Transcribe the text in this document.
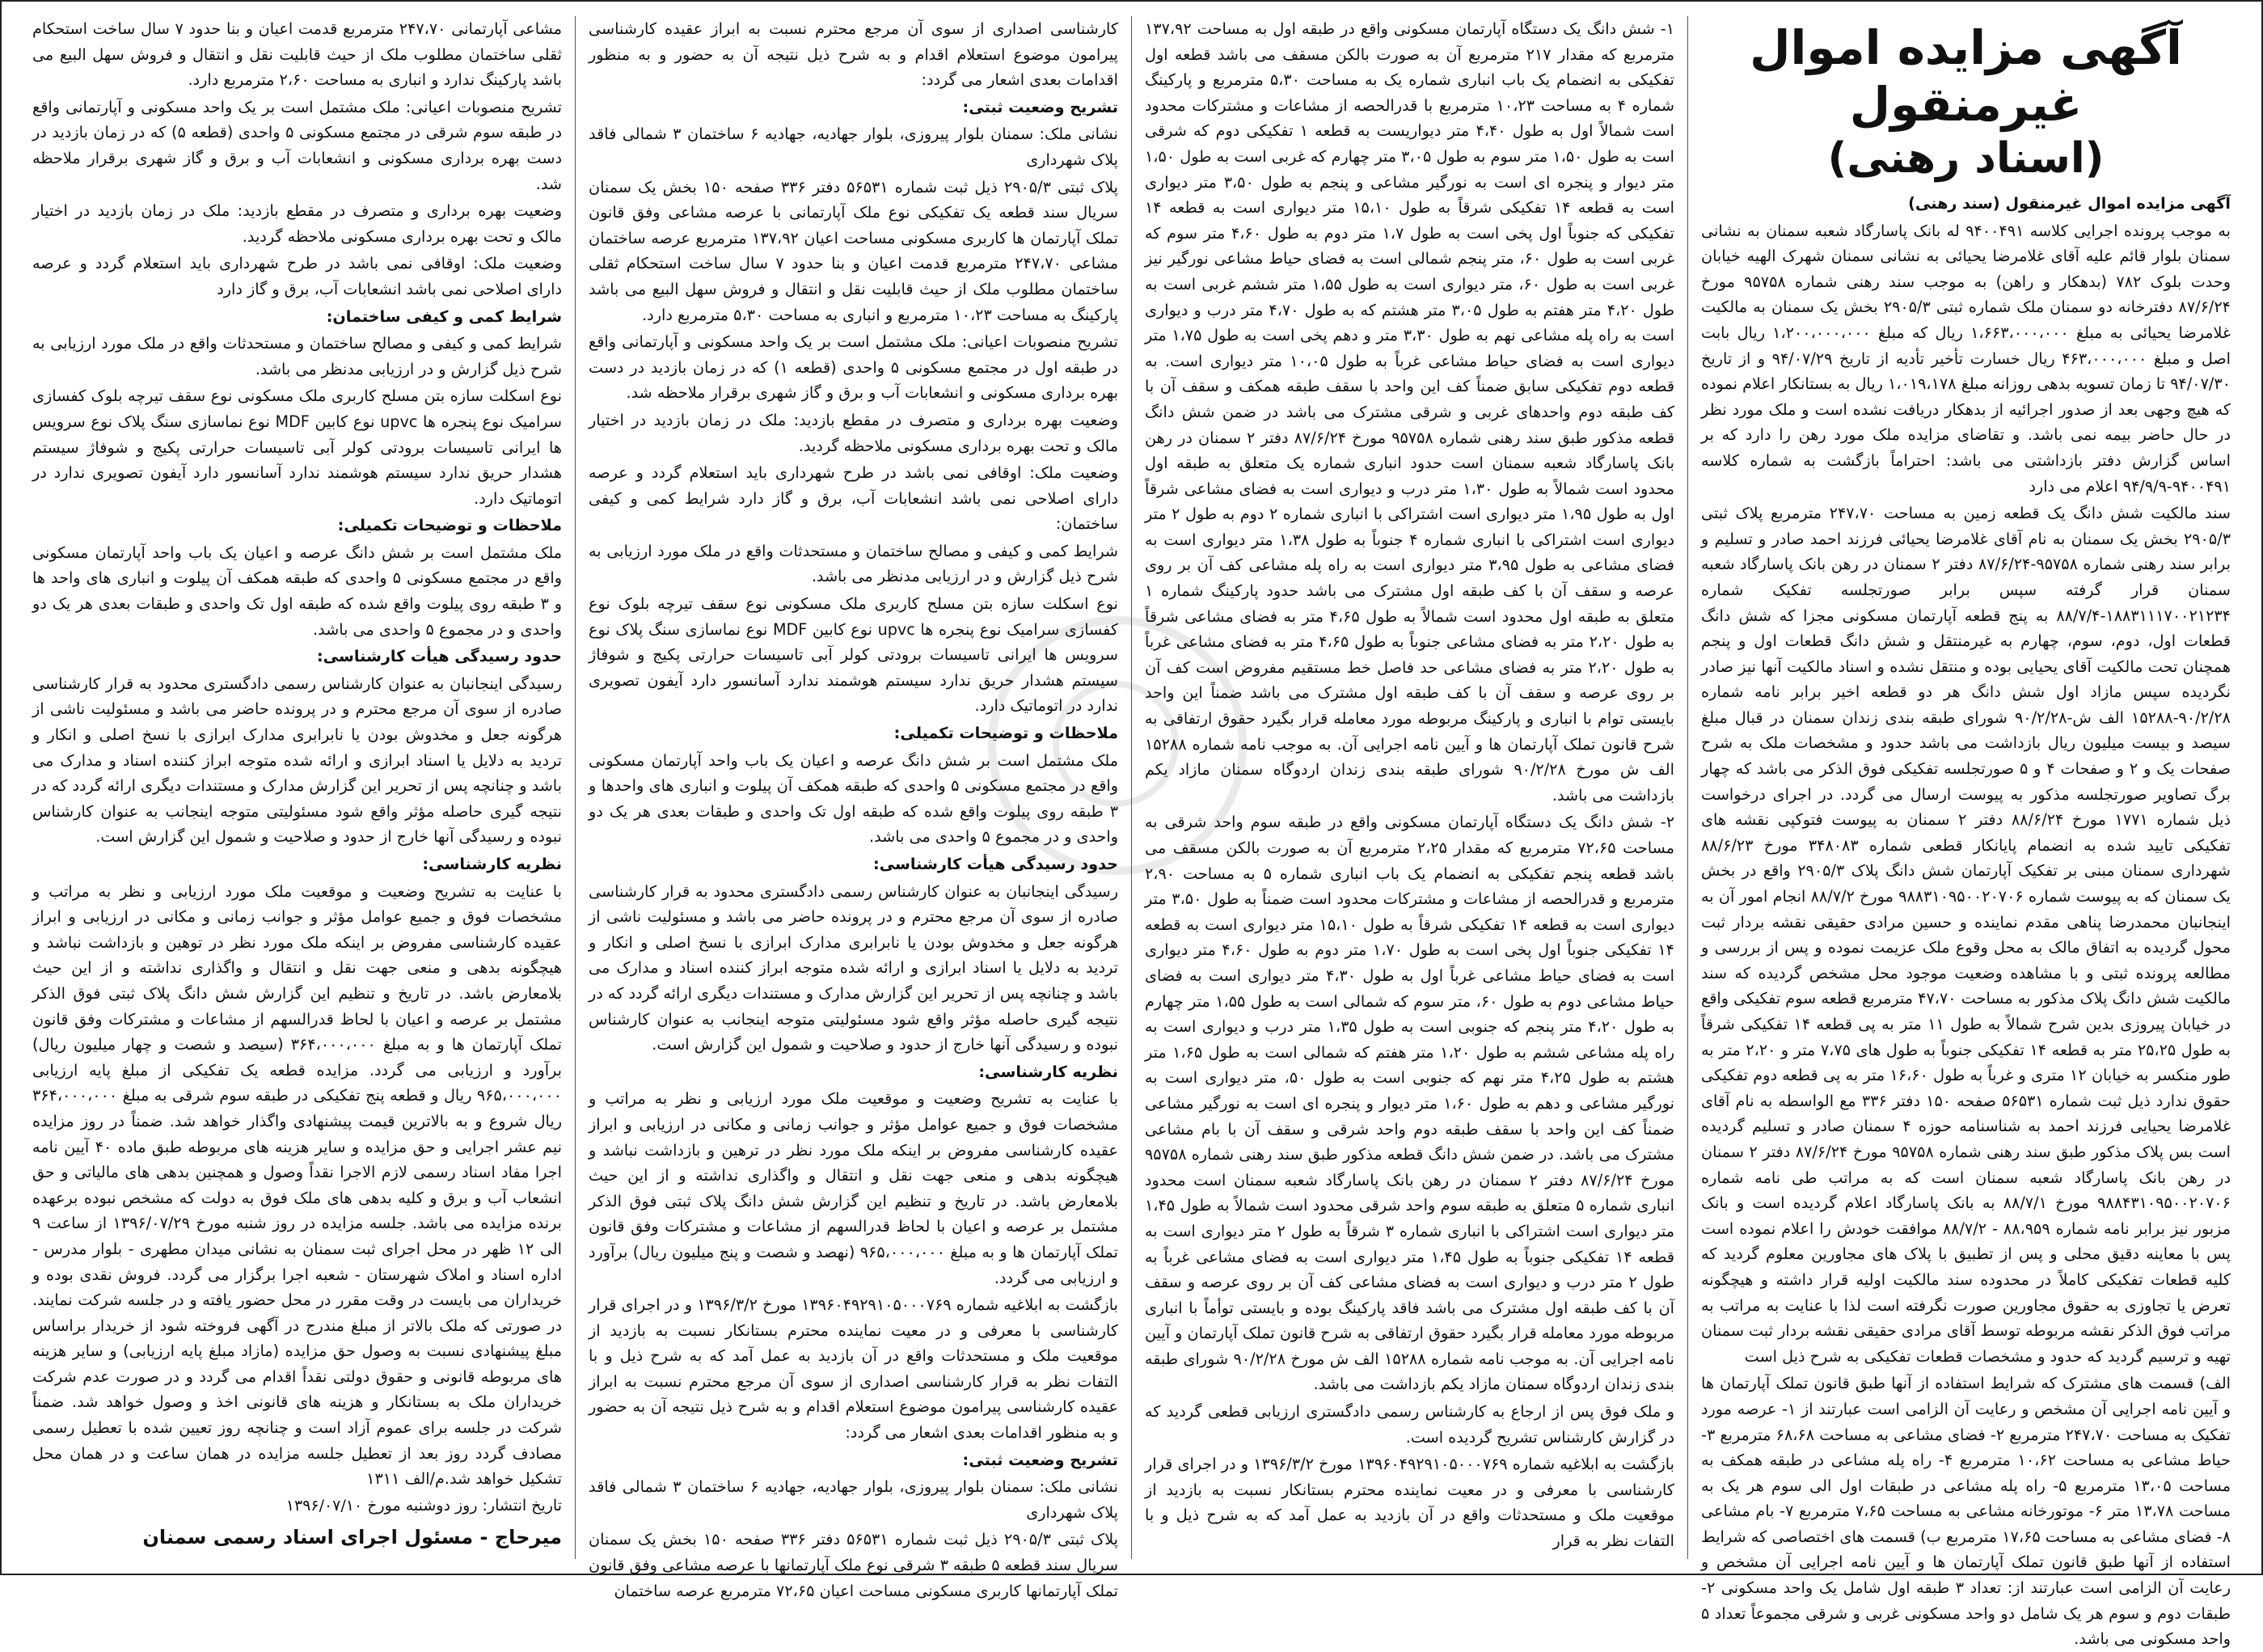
آگهی مزایده اموال غیرمنقول
(اسناد رهنی)

آگهی مزایده اموال غیرمنقول (سند رهنی)

به موجب پرونده اجرایی کلاسه ۹۴۰۰۴۹۱ له بانک پاسارگاد شعبه سمنان به نشانی سمنان بلوار قائم علیه آقای غلامرضا یحیائی به نشانی سمنان شهرک الهیه خیابان وحدت بلوک ۷۸۲ (بدهکار و راهن) به موجب سند رهنی شماره ۹۵۷۵۸ مورخ ۸۷/۶/۲۴ دفترخانه دو سمنان ملک شماره ثبتی ۲۹۰۵/۳ بخش یک سمنان به مالکیت غلامرضا یحیائی به مبلغ ۱،۶۶۳،۰۰۰،۰۰۰ ریال که مبلغ ۱،۲۰۰،۰۰۰،۰۰۰ ریال بابت اصل و مبلغ ۴۶۳،۰۰۰،۰۰۰ ریال خسارت تأخیر تأدیه از تاریخ ۹۴/۰۷/۲۹ و از تاریخ ۹۴/۰۷/۳۰ تا زمان تسویه بدهی روزانه مبلغ ۱،۰۱۹،۱۷۸ ریال به بستانکار اعلام نموده که هیچ وجهی بعد از صدور اجرائیه از بدهکار دریافت نشده است و ملک مورد نظر در حال حاضر بیمه نمی باشد. و تقاضای مزایده ملک مورد رهن را دارد که بر اساس گزارش دفتر بازداشتی می باشد: احتراماً بازگشت به شماره کلاسه ۹۴۰۰۴۹۱-۹۴/۹/۹ اعلام می دارد

سند مالکیت شش دانگ یک قطعه زمین به مساحت ۲۴۷،۷۰ مترمربع پلاک ثبتی ۲۹۰۵/۳ بخش یک سمنان به نام آقای غلامرضا یحیائی فرزند احمد صادر و تسلیم و برابر سند رهنی شماره ۹۵۷۵۸-۸۷/۶/۲۴ دفتر ۲ سمنان در رهن بانک پاسارگاد شعبه سمنان قرار گرفته سپس برابر صورتجلسه تفکیک شماره ۱۸۸۳۱۱۱۷۰۰۲۱۲۳۴-۸۸/۷/۴ به پنج قطعه آپارتمان مسکونی مجزا که شش دانگ قطعات اول، دوم، سوم، چهارم به غیرمنتقل و شش دانگ قطعات اول و پنجم همچنان تحت مالکیت آقای یحیایی بوده و منتقل نشده و اسناد مالکیت آنها نیز صادر نگردیده سپس مازاد اول شش دانگ هر دو قطعه اخیر برابر نامه شماره ۹۰/۲/۲۸-۱۵۲۸۸ الف ش-۹۰/۲/۲۸ شورای طبقه بندی زندان سمنان در قبال مبلغ سیصد و بیست میلیون ریال بازداشت می باشد حدود و مشخصات ملک به شرح صفحات یک و ۲ و صفحات ۴ و ۵ صورتجلسه تفکیکی فوق الذکر می باشد که چهار برگ تصاویر صورتجلسه مذکور به پیوست ارسال می گردد. در اجرای درخواست ذیل شماره ۱۷۷۱ مورخ ۸۸/۶/۲۴ دفتر ۲ سمنان به پیوست فتوکپی نقشه های تفکیکی تایید شده به انضمام پایانکار قطعی شماره ۳۴۸۰۸۳ مورخ ۸۸/۶/۲۳ شهرداری سمنان مبنی بر تفکیک آپارتمان شش دانگ پلاک ۲۹۰۵/۳ واقع در بخش یک سمنان که به پیوست شماره ۹۸۸۳۱۰۹۵۰۰۲۰۷۰۶ مورخ ۸۸/۷/۲ انجام امور آن به اینجانبان محمدرضا پناهی مقدم نماینده و حسین مرادی حقیقی نقشه بردار ثبت محول گردیده به اتفاق مالک به محل وقوع ملک عزیمت نموده و پس از بررسی و مطالعه پرونده ثبتی و با مشاهده وضعیت موجود محل مشخص گردیده که سند مالکیت شش دانگ پلاک مذکور به مساحت ۴۷،۷۰ مترمربع قطعه سوم تفکیکی واقع در خیابان پیروزی بدین شرح شمالاً به طول ۱۱ متر به پی قطعه ۱۴ تفکیکی شرقاً به طول ۲۵،۲۵ متر به قطعه ۱۴ تفکیکی جنوباً به طول های ۷،۷۵ متر و ۲،۲۰ متر به طور منکسر به خیابان ۱۲ متری و غرباً به طول ۱۶،۶۰ متر به پی قطعه دوم تفکیکی حقوق ندارد ذیل ثبت شماره ۵۶۵۳۱ صفحه ۱۵۰ دفتر ۳۳۶ مع الواسطه به نام آقای غلامرضا یحیایی فرزند احمد به شناسنامه حوزه ۴ سمنان صادر و تسلیم گردیده است بس پلاک مذکور طبق سند رهنی شماره ۹۵۷۵۸ مورخ ۸۷/۶/۲۴ دفتر ۲ سمنان در رهن بانک پاسارگاد شعبه سمنان است که به مراتب طی نامه شماره ۹۸۸۴۳۱۰۹۵۰۰۲۰۷۰۶ مورخ ۸۸/۷/۱ به بانک پاسارگاد اعلام گردیده است و بانک مزبور نیز برابر نامه شماره ۸۸،۹۵۹ - ۸۸/۷/۲ موافقت خودش را اعلام نموده است پس با معاینه دقیق محلی و پس از تطبیق با پلاک های مجاورین معلوم گردید که کلیه قطعات تفکیکی کاملاً در محدوده سند مالکیت اولیه قرار داشته و هیچگونه تعرض یا تجاوزی به حقوق مجاورین صورت نگرفته است لذا با عنایت به مراتب به مراتب فوق الذکر نقشه مربوطه توسط آقای مرادی حقیقی نقشه بردار ثبت سمنان تهیه و ترسیم گردید که حدود و مشخصات قطعات تفکیکی به شرح ذیل است

الف) قسمت های مشترک که شرایط استفاده از آنها طبق قانون تملک آپارتمان ها و آیین نامه اجرایی آن مشخص و رعایت آن الزامی است عبارتند از ۱- عرصه مورد تفکیک به مساحت ۲۴۷،۷۰ مترمربع ۲- فضای مشاعی به مساحت ۶۸،۶۸ مترمربع ۳- حیاط مشاعی به مساحت ۱۰،۶۲ مترمربع ۴- راه پله مشاعی در طبقه همکف به مساحت ۱۳،۰۵ مترمربع ۵- راه پله مشاعی در طبقات اول الی سوم هر یک به مساحت ۱۳،۷۸ متر ۶- موتورخانه مشاعی به مساحت ۷،۶۵ مترمربع ۷- بام مشاعی ۸- فضای مشاعی به مساحت ۱۷،۶۵ مترمربع ب) قسمت های اختصاصی که شرایط استفاده از آنها طبق قانون تملک آپارتمان ها و آیین نامه اجرایی آن مشخص و رعایت آن الزامی است عبارتند از: تعداد ۳ طبقه اول شامل یک واحد مسکونی ۲- طبقات دوم و سوم هر یک شامل دو واحد مسکونی غربی و شرقی مجموعاً تعداد ۵ واحد مسکونی می باشد.

۱- شش دانگ یک دستگاه آپارتمان مسکونی واقع در طبقه اول به مساحت ۱۳۷،۹۲ مترمربع که مقدار ۲۱۷ مترمربع آن به صورت بالکن مسقف می باشد قطعه اول تفکیکی به انضمام یک باب انباری شماره یک به مساحت ۵،۳۰ مترمربع و پارکینگ شماره ۴ به مساحت ۱۰،۲۳ مترمربع با قدرالحصه از مشاعات و مشترکات محدود است شمالاً اول به طول ۴،۴۰ متر دیواریست به قطعه ۱ تفکیکی دوم که شرقی است به طول ۱،۵۰ متر سوم به طول ۳،۰۵ متر چهارم که غربی است به طول ۱،۵۰ متر دیوار و پنجره ای است به نورگیر مشاعی و پنجم به طول ۳،۵۰ متر دیواری است به قطعه ۱۴ تفکیکی شرقاً به طول ۱۵،۱۰ متر دیواری است به قطعه ۱۴ تفکیکی که جنوباً اول پخی است به طول ۱،۷ متر دوم به طول ۴،۶۰ متر سوم که غربی است به طول ۶۰، متر پنجم شمالی است به فضای حیاط مشاعی نورگیر نیز غربی است به طول ۶۰، متر دیواری است به طول ۱،۵۵ متر ششم غربی است به طول ۴،۲۰ متر هفتم به طول ۳،۰۵ متر هشتم که به طول ۴،۷۰ متر درب و دیواری است به راه پله مشاعی نهم به طول ۳،۳۰ متر و دهم پخی است به طول ۱،۷۵ متر دیواری است به فضای حیاط مشاعی غرباً به طول ۱۰،۰۵ متر دیواری است. به قطعه دوم تفکیکی سابق ضمناً کف این واحد با سقف طبقه همکف و سقف آن با کف طبقه دوم واحدهای غربی و شرقی مشترک می باشد در ضمن شش دانگ قطعه مذکور طبق سند رهنی شماره ۹۵۷۵۸ مورخ ۸۷/۶/۲۴ دفتر ۲ سمنان در رهن بانک پاسارگاد شعبه سمنان است حدود انباری شماره یک متعلق به طبقه اول محدود است شمالاً به طول ۱،۳۰ متر درب و دیواری است به فضای مشاعی شرقاً اول به طول ۱،۹۵ متر دیواری است اشتراکی با انباری شماره ۲ دوم به طول ۲ متر دیواری است اشتراکی با انباری شماره ۴ جنوباً به طول ۱،۳۸ متر دیواری است به فضای مشاعی به طول ۳،۹۵ متر دیواری است به راه پله مشاعی کف آن بر روی عرصه و سقف آن با کف طبقه اول مشترک می باشد حدود پارکینگ شماره ۱ متعلق به طبقه اول محدود است شمالاً به طول ۴،۶۵ متر به فضای مشاعی شرقاً به طول ۲،۲۰ متر به فضای مشاعی جنوباً به طول ۴،۶۵ متر به فضای مشاعی غرباً به طول ۲،۲۰ متر به فضای مشاعی حد فاصل خط مستقیم مفروض است کف آن بر روی عرصه و سقف آن با کف طبقه اول مشترک می باشد ضمناً این واحد بایستی توام با انباری و پارکینگ مربوطه مورد معامله قرار بگیرد حقوق ارتفاقی به شرح قانون تملک آپارتمان ها و آیین نامه اجرایی آن. به موجب نامه شماره ۱۵۲۸۸ الف ش مورخ ۹۰/۲/۲۸ شورای طبقه بندی زندان اردوگاه سمنان مازاد یکم بازداشت می باشد.

۲- شش دانگ یک دستگاه آپارتمان مسکونی واقع در طبقه سوم واحد شرقی به مساحت ۷۲،۶۵ مترمربع که مقدار ۲،۲۵ مترمربع آن به صورت بالکن مسقف می باشد قطعه پنجم تفکیکی به انضمام یک باب انباری شماره ۵ به مساحت ۲،۹۰ مترمربع و قدرالحصه از مشاعات و مشترکات محدود است ضمناً به طول ۳،۵۰ متر دیواری است به قطعه ۱۴ تفکیکی شرقاً به طول ۱۵،۱۰ متر دیواری است به قطعه ۱۴ تفکیکی جنوباً اول پخی است به طول ۱،۷۰ متر دوم به طول ۴،۶۰ متر دیواری است به فضای حیاط مشاعی غرباً اول به طول ۴،۳۰ متر دیواری است به فضای حیاط مشاعی دوم به طول ۶۰، متر سوم که شمالی است به طول ۱،۵۵ متر چهارم به طول ۴،۲۰ متر پنجم که جنوبی است به طول ۱،۳۵ متر درب و دیواری است به راه پله مشاعی ششم به طول ۱،۲۰ متر هفتم که شمالی است به طول ۱،۶۵ متر هشتم به طول ۴،۲۵ متر نهم که جنوبی است به طول ۵۰، متر دیواری است به نورگیر مشاعی و دهم به طول ۱،۶۰ متر دیوار و پنجره ای است به نورگیر مشاعی ضمناً کف این واحد با سقف طبقه دوم واحد شرقی و سقف آن با بام مشاعی مشترک می باشد. در ضمن شش دانگ قطعه مذکور طبق سند رهنی شماره ۹۵۷۵۸ مورخ ۸۷/۶/۲۴ دفتر ۲ سمنان در رهن بانک پاسارگاد شعبه سمنان است محدود انباری شماره ۵ متعلق به طبقه سوم واحد شرقی محدود است شمالاً به طول ۱،۴۵ متر دیواری است اشتراکی با انباری شماره ۳ شرقاً به طول ۲ متر دیواری است به قطعه ۱۴ تفکیکی جنوباً به طول ۱،۴۵ متر دیواری است به فضای مشاعی غرباً به طول ۲ متر درب و دیواری است به فضای مشاعی کف آن بر روی عرصه و سقف آن با کف طبقه اول مشترک می باشد فاقد پارکینگ بوده و بایستی توأماً با انباری مربوطه مورد معامله قرار بگیرد حقوق ارتفاقی به شرح قانون تملک آپارتمان و آیین نامه اجرایی آن. به موجب نامه شماره ۱۵۲۸۸ الف ش مورخ ۹۰/۲/۲۸ شورای طبقه بندی زندان اردوگاه سمنان مازاد یکم بازداشت می باشد.

و ملک فوق پس از ارجاع به کارشناس رسمی دادگستری ارزیابی قطعی گردید که در گزارش کارشناس تشریح گردیده است.

بازگشت به ابلاغیه شماره ۱۳۹۶۰۴۹۲۹۱۰۵۰۰۰۷۶۹ مورخ ۱۳۹۶/۳/۲ و در اجرای قرار کارشناسی با معرفی و در معیت نماینده محترم بستانکار نسبت به بازدید از موقعیت ملک و مستحدثات واقع در آن بازدید به عمل آمد که به شرح ذیل و با التفات نظر به قرار

کارشناسی اصداری از سوی آن مرجع محترم نسبت به ابراز عقیده کارشناسی پیرامون موضوع استعلام اقدام و به شرح ذیل نتیجه آن به حضور و به منظور اقدامات بعدی اشعار می گردد:

تشریح وضعیت ثبتی:

نشانی ملک: سمنان بلوار پیروزی، بلوار جهادیه، جهادیه ۶ ساختمان ۳ شمالی فاقد پلاک شهرداری

پلاک ثبتی ۲۹۰۵/۳ ذیل ثبت شماره ۵۶۵۳۱ دفتر ۳۳۶ صفحه ۱۵۰ بخش یک سمنان سریال سند قطعه یک تفکیکی نوع ملک آپارتمانی با عرصه مشاعی وفق قانون تملک آپارتمان ها کاربری مسکونی مساحت اعیان ۱۳۷،۹۲ مترمربع عرصه ساختمان مشاعی ۲۴۷،۷۰ مترمربع قدمت اعیان و بنا حدود ۷ سال ساخت استحکام ثقلی ساختمان مطلوب ملک از حیث قابلیت نقل و انتقال و فروش سهل البیع می باشد پارکینگ به مساحت ۱۰،۲۳ مترمربع و انباری به مساحت ۵،۳۰ مترمربع دارد.

تشریح منصوبات اعیانی: ملک مشتمل است بر یک واحد مسکونی و آپارتمانی واقع در طبقه اول در مجتمع مسکونی ۵ واحدی (قطعه ۱) که در زمان بازدید در دست بهره برداری مسکونی و انشعابات آب و برق و گاز شهری برقرار ملاحظه شد.

وضعیت بهره برداری و متصرف در مقطع بازدید: ملک در زمان بازدید در اختیار مالک و تحت بهره برداری مسکونی ملاحظه گردید.

وضعیت ملک: اوقافی نمی باشد در طرح شهرداری باید استعلام گردد و عرصه دارای اصلاحی نمی باشد انشعابات آب، برق و گاز دارد شرایط کمی و کیفی ساختمان:

شرایط کمی و کیفی و مصالح ساختمان و مستحدثات واقع در ملک مورد ارزیابی به شرح ذیل گزارش و در ارزیابی مدنظر می باشد.

نوع اسکلت سازه بتن مسلح کاربری ملک مسکونی نوع سقف تیرچه بلوک نوع کفسازی سرامیک نوع پنجره ها upvc نوع کابین MDF نوع نماسازی سنگ پلاک نوع سرویس ها ایرانی تاسیسات برودتی کولر آبی تاسیسات حرارتی پکیج و شوفاژ سیستم هشدار حریق ندارد سیستم هوشمند ندارد آسانسور دارد آیفون تصویری ندارد در اتوماتیک دارد.

ملاحظات و توضیحات تکمیلی:

ملک مشتمل است بر شش دانگ عرصه و اعیان یک باب واحد آپارتمان مسکونی واقع در مجتمع مسکونی ۵ واحدی که طبقه همکف آن پیلوت و انباری های واحدها و ۳ طبقه روی پیلوت واقع شده که طبقه اول تک واحدی و طبقات بعدی هر یک دو واحدی و در مجموع ۵ واحدی می باشد.

حدود رسیدگی هیأت کارشناسی:

رسیدگی اینجانبان به عنوان کارشناس رسمی دادگستری محدود به قرار کارشناسی صادره از سوی آن مرجع محترم و در پرونده حاضر می باشد و مسئولیت ناشی از هرگونه جعل و مخدوش بودن یا نابرابری مدارک ابرازی با نسخ اصلی و انکار و تردید به دلایل یا اسناد ابرازی و ارائه شده متوجه ابراز کننده اسناد و مدارک می باشد و چنانچه پس از تحریر این گزارش مدارک و مستندات دیگری ارائه گردد که در نتیجه گیری حاصله مؤثر واقع شود مسئولیتی متوجه اینجانب به عنوان کارشناس نبوده و رسیدگی آنها خارج از حدود و صلاحیت و شمول این گزارش است.

نظریه کارشناسی:

با عنایت به تشریح وضعیت و موقعیت ملک مورد ارزیابی و نظر به مراتب و مشخصات فوق و جمیع عوامل مؤثر و جوانب زمانی و مکانی در ارزیابی و ابراز عقیده کارشناسی مفروض بر اینکه ملک مورد نظر در ترهین و بازداشت نباشد و هیچگونه بدهی و منعی جهت نقل و انتقال و واگذاری نداشته و از این حیث بلامعارض باشد. در تاریخ و تنظیم این گزارش شش دانگ پلاک ثبتی فوق الذکر مشتمل بر عرصه و اعیان با لحاظ قدرالسهم از مشاعات و مشترکات وفق قانون تملک آپارتمان ها و به مبلغ ۹۶۵،۰۰۰،۰۰۰ (نهصد و شصت و پنج میلیون ریال) برآورد و ارزیابی می گردد.

بازگشت به ابلاغیه شماره ۱۳۹۶۰۴۹۲۹۱۰۵۰۰۰۷۶۹ مورخ ۱۳۹۶/۳/۲ و در اجرای قرار کارشناسی با معرفی و در معیت نماینده محترم بستانکار نسبت به بازدید از موقعیت ملک و مستحدثات واقع در آن بازدید به عمل آمد که به شرح ذیل و با التفات نظر به قرار کارشناسی اصداری از سوی آن مرجع محترم نسبت به ابراز عقیده کارشناسی پیرامون موضوع استعلام اقدام و به شرح ذیل نتیجه آن به حضور و به منظور اقدامات بعدی اشعار می گردد:

تشریح وضعیت ثبتی:

نشانی ملک: سمنان بلوار پیروزی، بلوار جهادیه، جهادیه ۶ ساختمان ۳ شمالی فاقد پلاک شهرداری

پلاک ثبتی ۲۹۰۵/۳ ذیل ثبت شماره ۵۶۵۳۱ دفتر ۳۳۶ صفحه ۱۵۰ بخش یک سمنان سریال سند قطعه ۵ طبقه ۳ شرقی نوع ملک آپارتمانها با عرصه مشاعی وفق قانون تملک آپارتمانها کاربری مسکونی مساحت اعیان ۷۲،۶۵ مترمربع عرصه ساختمان

مشاعی آپارتمانی ۲۴۷،۷۰ مترمربع قدمت اعیان و بنا حدود ۷ سال ساخت استحکام ثقلی ساختمان مطلوب ملک از حیث قابلیت نقل و انتقال و فروش سهل البیع می باشد پارکینگ ندارد و انباری به مساحت ۲،۶۰ مترمربع دارد.

تشریح منصوبات اعیانی: ملک مشتمل است بر یک واحد مسکونی و آپارتمانی واقع در طبقه سوم شرقی در مجتمع مسکونی ۵ واحدی (قطعه ۵) که در زمان بازدید در دست بهره برداری مسکونی و انشعابات آب و برق و گاز شهری برقرار ملاحظه شد.

وضعیت بهره برداری و متصرف در مقطع بازدید: ملک در زمان بازدید در اختیار مالک و تحت بهره برداری مسکونی ملاحظه گردید.

وضعیت ملک: اوقافی نمی باشد در طرح شهرداری باید استعلام گردد و عرصه دارای اصلاحی نمی باشد انشعابات آب، برق و گاز دارد

شرایط کمی و کیفی ساختمان:

شرایط کمی و کیفی و مصالح ساختمان و مستحدثات واقع در ملک مورد ارزیابی به شرح ذیل گزارش و در ارزیابی مدنظر می باشد.

نوع اسکلت سازه بتن مسلح کاربری ملک مسکونی نوع سقف تیرچه بلوک کفسازی سرامیک نوع پنجره ها upvc نوع کابین MDF نوع نماسازی سنگ پلاک نوع سرویس ها ایرانی تاسیسات برودتی کولر آبی تاسیسات حرارتی پکیج و شوفاژ سیستم هشدار حریق ندارد سیستم هوشمند ندارد آسانسور دارد آیفون تصویری ندارد در اتوماتیک دارد.

ملاحظات و توضیحات تکمیلی:

ملک مشتمل است بر شش دانگ عرصه و اعیان یک باب واحد آپارتمان مسکونی واقع در مجتمع مسکونی ۵ واحدی که طبقه همکف آن پیلوت و انباری های واحد ها و ۳ طبقه روی پیلوت واقع شده که طبقه اول تک واحدی و طبقات بعدی هر یک دو واحدی و در مجموع ۵ واحدی می باشد.

حدود رسیدگی هیأت کارشناسی:

رسیدگی اینجانبان به عنوان کارشناس رسمی دادگستری محدود به قرار کارشناسی صادره از سوی آن مرجع محترم و در پرونده حاضر می باشد و مسئولیت ناشی از هرگونه جعل و مخدوش بودن یا نابرابری مدارک ابرازی با نسخ اصلی و انکار و تردید به دلایل یا اسناد ابرازی و ارائه شده متوجه ابراز کننده اسناد و مدارک می باشد و چنانچه پس از تحریر این گزارش مدارک و مستندات دیگری ارائه گردد که در نتیجه گیری حاصله مؤثر واقع شود مسئولیتی متوجه اینجانب به عنوان کارشناس نبوده و رسیدگی آنها خارج از حدود و صلاحیت و شمول این گزارش است.

نظریه کارشناسی:

با عنایت به تشریح وضعیت و موقعیت ملک مورد ارزیابی و نظر به مراتب و مشخصات فوق و جمیع عوامل مؤثر و جوانب زمانی و مکانی در ارزیابی و ابراز عقیده کارشناسی مفروض بر اینکه ملک مورد نظر در توهین و بازداشت نباشد و هیچگونه بدهی و منعی جهت نقل و انتقال و واگذاری نداشته و از این حیث بلامعارض باشد. در تاریخ و تنظیم این گزارش شش دانگ پلاک ثبتی فوق الذکر مشتمل بر عرصه و اعیان با لحاظ قدرالسهم از مشاعات و مشترکات وفق قانون تملک آپارتمان ها و به مبلغ ۳۶۴،۰۰۰،۰۰۰ (سیصد و شصت و چهار میلیون ریال) برآورد و ارزیابی می گردد. مزایده قطعه یک تفکیکی از مبلغ پایه ارزیابی ۹۶۵،۰۰۰،۰۰۰ ریال و قطعه پنج تفکیکی در طبقه سوم شرقی به مبلغ ۳۶۴،۰۰۰،۰۰۰ ریال شروع و به بالاترین قیمت پیشنهادی واگذار خواهد شد. ضمناً در روز مزایده نیم عشر اجرایی و حق مزایده و سایر هزینه های مربوطه طبق ماده ۴۰ آیین نامه اجرا مفاد اسناد رسمی لازم الاجرا نقداً وصول و همچنین بدهی های مالیاتی و حق انشعاب آب و برق و کلیه بدهی های ملک فوق به دولت که مشخص نبوده برعهده برنده مزایده می باشد. جلسه مزایده در روز شنبه مورخ ۱۳۹۶/۰۷/۲۹ از ساعت ۹ الی ۱۲ ظهر در محل اجرای ثبت سمنان به نشانی میدان مطهری - بلوار مدرس - اداره اسناد و املاک شهرستان - شعبه اجرا برگزار می گردد. فروش نقدی بوده و خریداران می بایست در وقت مقرر در محل حضور یافته و در جلسه شرکت نمایند. در صورتی که ملک بالاتر از مبلغ مندرج در آگهی فروخته شود از خریدار براساس مبلغ پیشنهادی نسبت به وصول حق مزایده (مازاد مبلغ پایه ارزیابی) و سایر هزینه های مربوطه قانونی و حقوق دولتی نقداً اقدام می گردد و در صورت عدم شرکت خریداران ملک به بستانکار و هزینه های قانونی اخذ و وصول خواهد شد. ضمناً شرکت در جلسه برای عموم آزاد است و چنانچه روز تعیین شده با تعطیل رسمی مصادف گردد روز بعد از تعطیل جلسه مزایده در همان ساعت و در همان محل تشکیل خواهد شد.م/الف ۱۳۱۱

تاریخ انتشار: روز دوشنبه مورخ ۱۳۹۶/۰۷/۱۰

میرحاج - مسئول اجرای اسناد رسمی سمنان
